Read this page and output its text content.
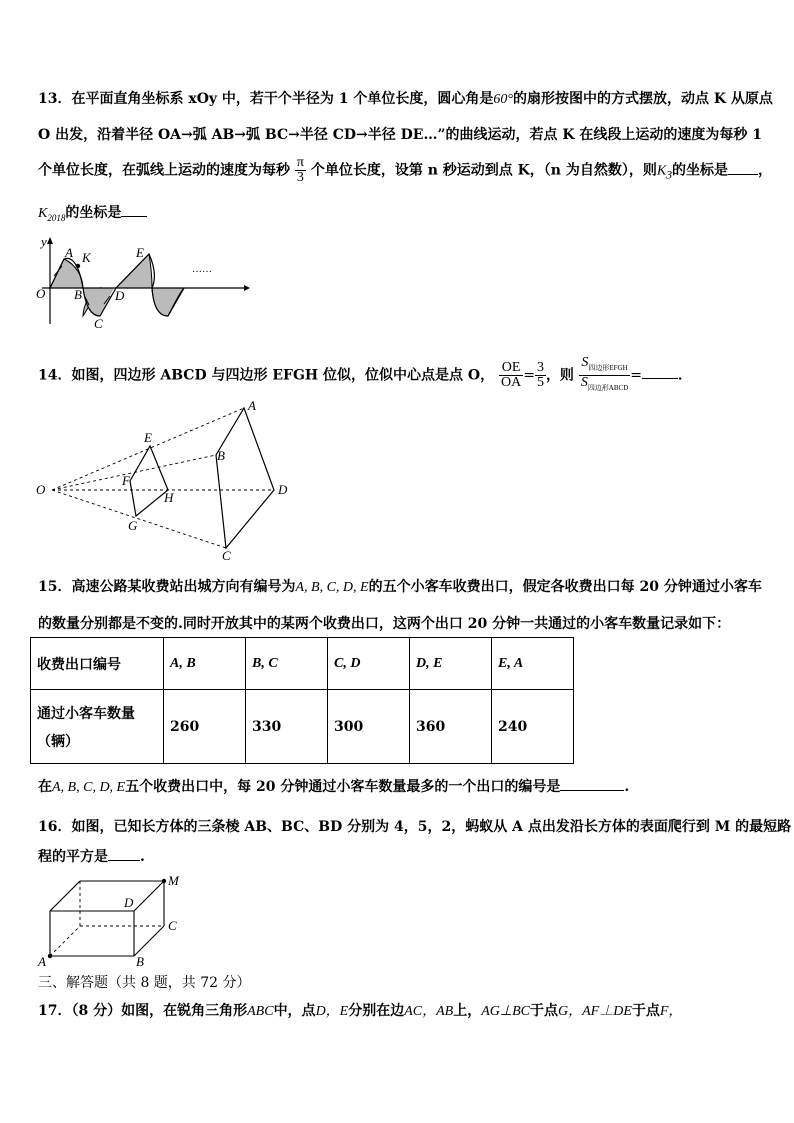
13．在平面直角坐标系 xOy 中，若干个半径为 1 个单位长度，圆心角是60°的扇形按图中的方式摆放，动点 K 从原点
O 出发，沿着半径 OA→弧 AB→弧 BC→半径 CD→半径 DE…”的曲线运动，若点 K 在线段上运动的速度为每秒 1
个单位长度，在弧线上运动的速度为每秒 $\frac{\pi}{3}$ 个单位长度，设第 n 秒运动到点 K，（n 为自然数），则$K_3$的坐标是 ，
$K_{2018}$的坐标是
y
O
A K
B
C
D
E
……
14．如图，四边形 ABCD 与四边形 EFGH 位似，位似中心点是点 O， $\frac{OE}{OA} = \frac{3}{5}$ ，则 $\frac{S_{四边形EFGH}}{S_{四边形ABCD}}$ =	．
O
A
B
C
D
E
F
G
H
15．高速公路某收费站出城方向有编号为A, B, C, D, E的五个小客车收费出口，假定各收费出口每 20 分钟通过小客车
的数量分别都是不变的.同时开放其中的某两个收费出口，这两个出口 20 分钟一共通过的小客车数量记录如下：
收费出口编号	A, B	B, C	C, D	D, E	E, A

通过小客车数量
（辆）	260	330	300	360	240
在A, B, C, D, E五个收费出口中，每 20 分钟通过小客车数量最多的一个出口的编号是	.
16．如图，已知长方体的三条棱 AB、BC、BD 分别为 4，5，2，蚂蚁从 A 点出发沿长方体的表面爬行到 M 的最短路
程的平方是 .
A	B
C
D
M
三、解答题（共 8 题，共 72 分）
17．（8 分）如图，在锐角三角形ABC中，点D，E分别在边AC，AB上，AG⊥BC于点G，AF⊥DE于点F，
